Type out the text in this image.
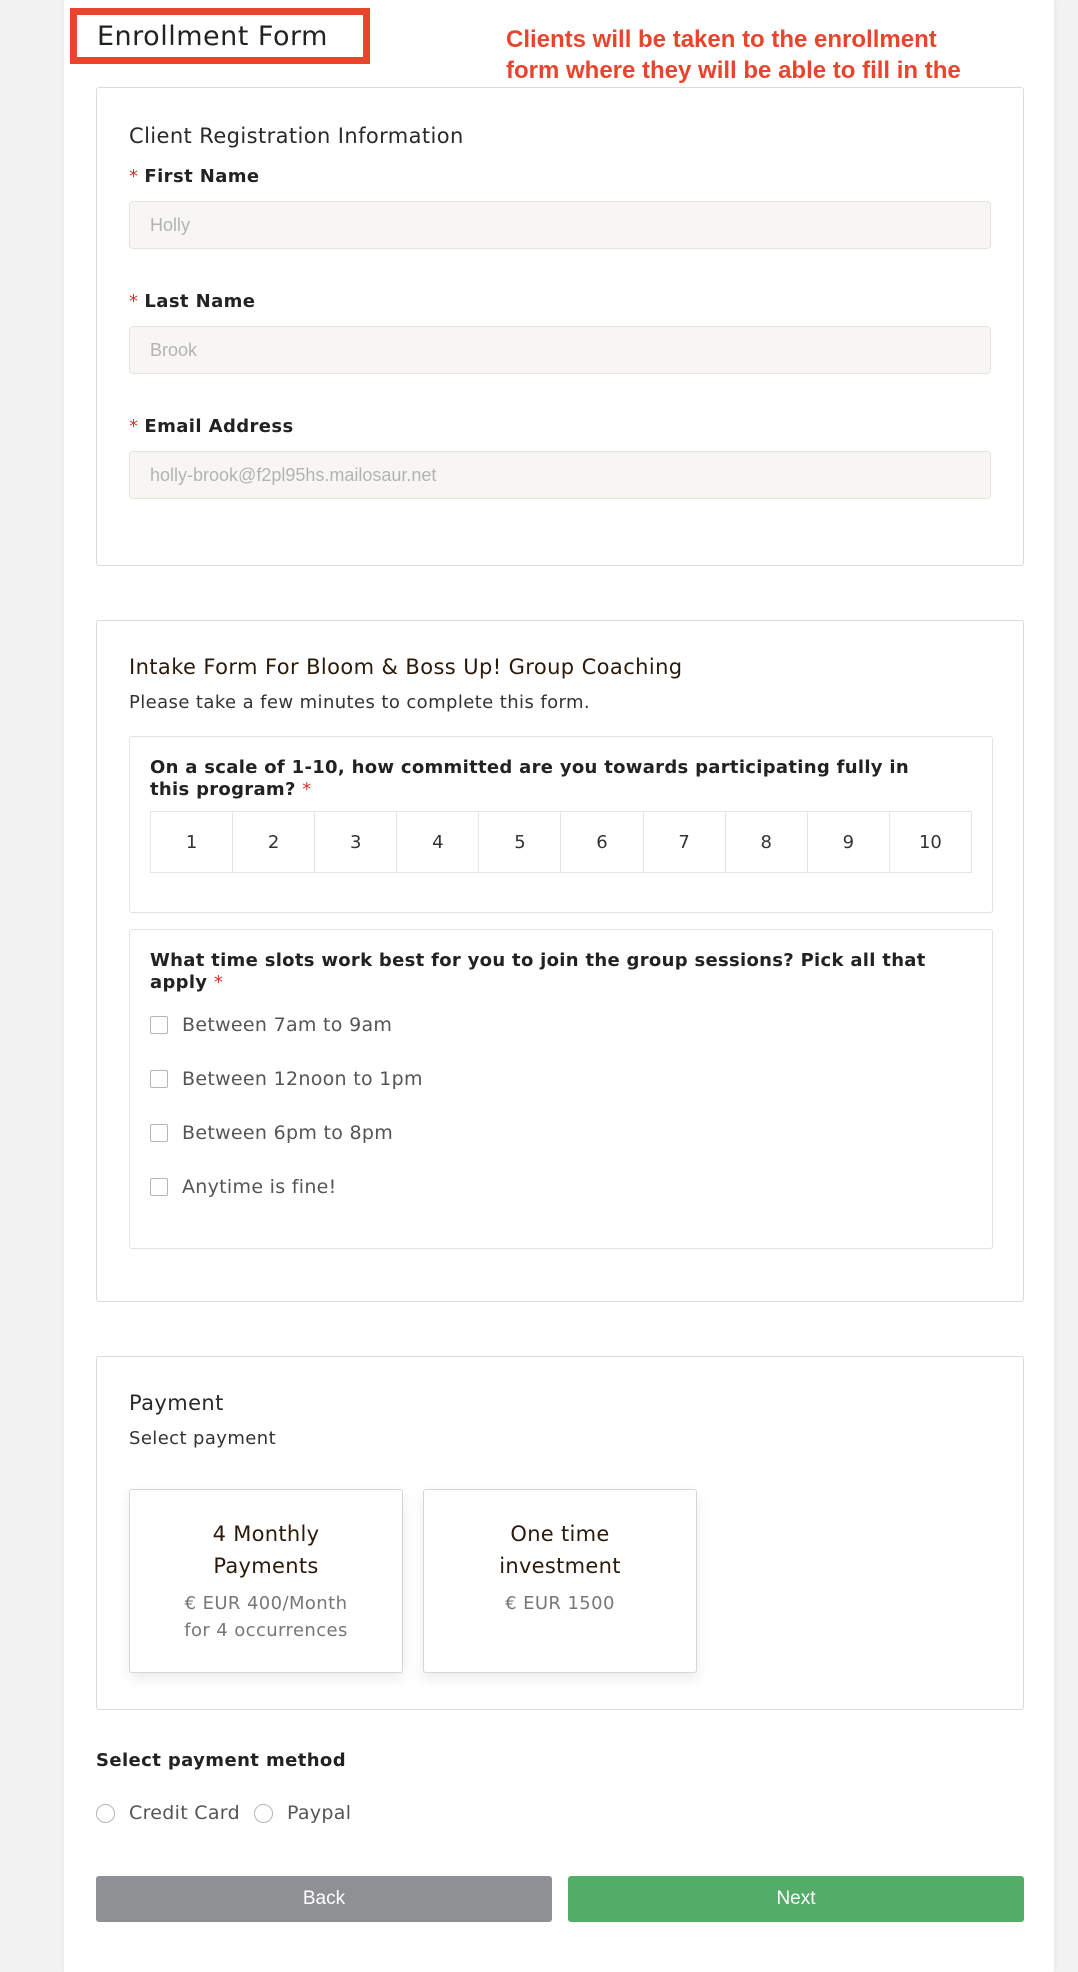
Enrollment Form	Clients will be taken to the enrollment form where they will be able to fill in the
Client Registration Information
* First Name
Holly
* Last Name
Brook
* Email Address
holly-brook@f2pl95hs.mailosaur.net
Intake Form For Bloom & Boss Up! Group Coaching
Please take a few minutes to complete this form.
On a scale of 1-10, how committed are you towards participating fully in this program? *
1	2	3	4	5	6	7	8	9	10
What time slots work best for you to join the group sessions? Pick all that apply *
Between 7am to 9am
Between 12noon to 1pm
Between 6pm to 8pm
Anytime is fine!
Payment
Select payment
4 Monthly
Payments
€ EUR 400/Month
for 4 occurrences
One time
investment
€ EUR 1500
Select payment method
Credit Card Paypal
Back	Next
